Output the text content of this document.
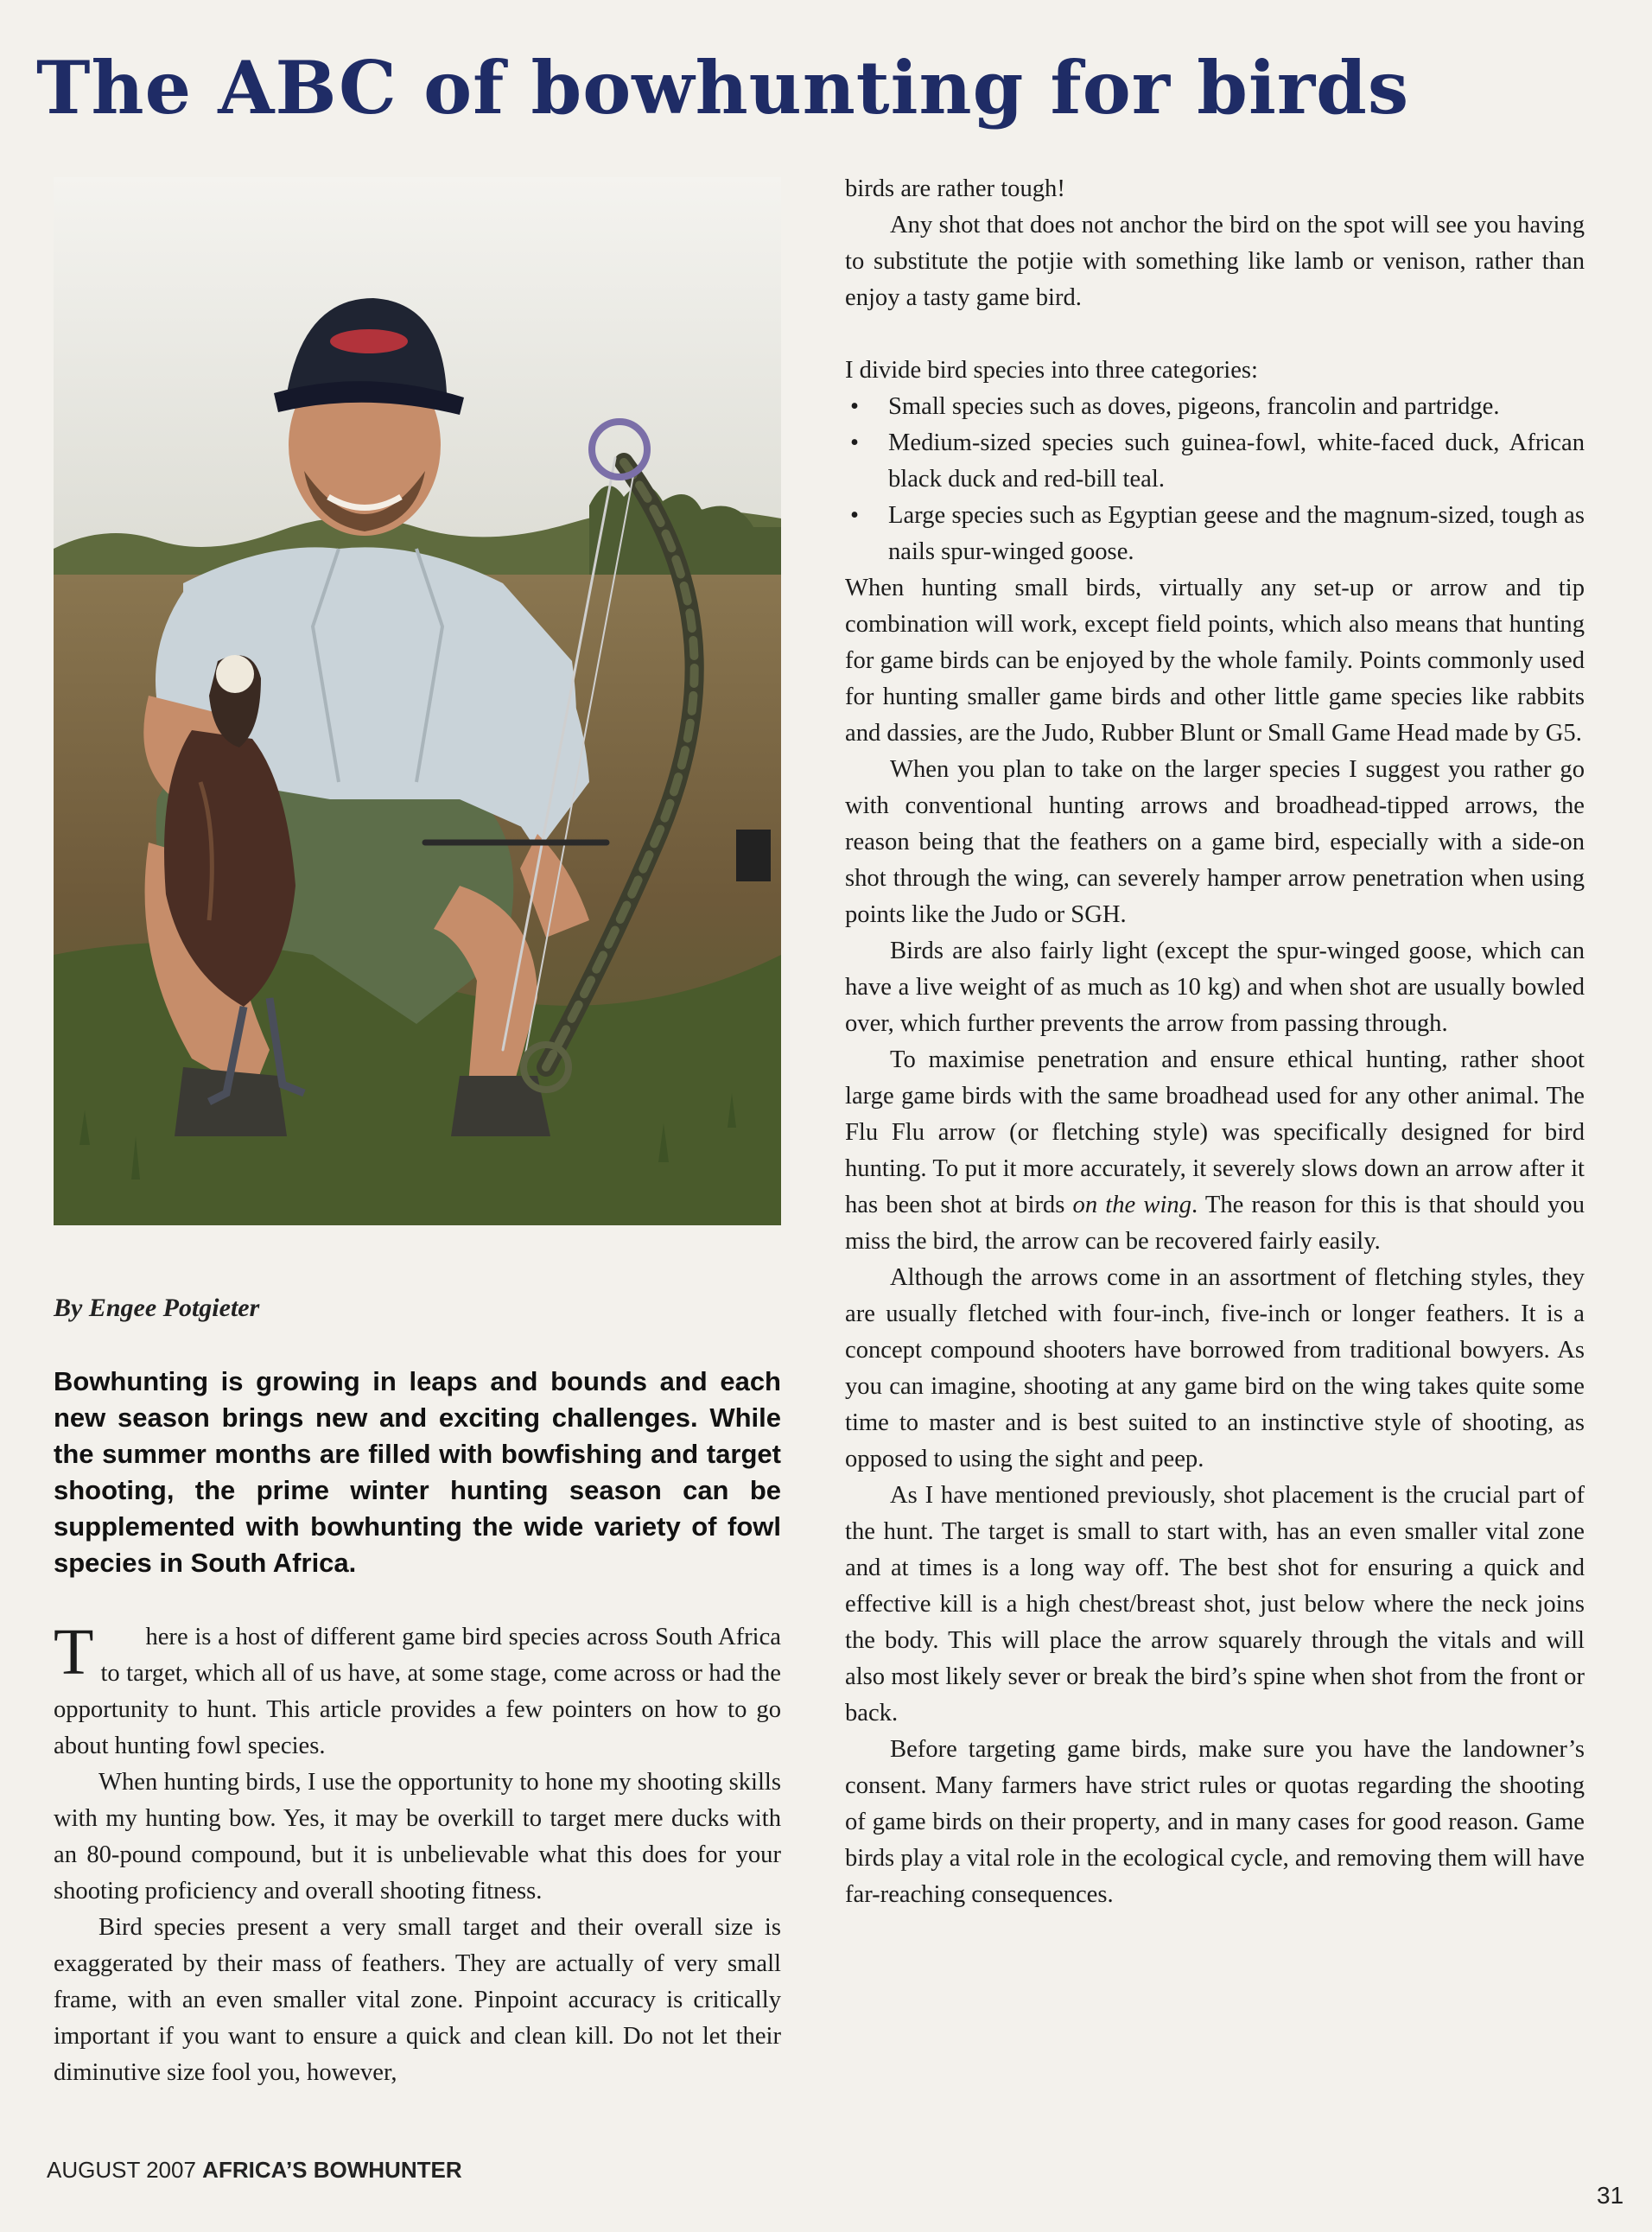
The ABC of bowhunting for birds

By Engee Potgieter

Bowhunting is growing in leaps and bounds and each new season brings new and exciting challenges. While the summer months are filled with bowfishing and target shooting, the prime winter hunting season can be supplemented with bowhunting the wide variety of fowl species in South Africa.

T here is a host of different game bird species across South Africa to target, which all of us have, at some stage, come across or had the opportunity to hunt. This article provides a few pointers on how to go about hunting fowl species.

When hunting birds, I use the opportunity to hone my shooting skills with my hunting bow. Yes, it may be overkill to target mere ducks with an 80-pound compound, but it is unbelievable what this does for your shooting proficiency and overall shooting fitness.

Bird species present a very small target and their overall size is exaggerated by their mass of feathers. They are actually of very small frame, with an even smaller vital zone. Pinpoint accuracy is critically important if you want to ensure a quick and clean kill. Do not let their diminutive size fool you, however,

birds are rather tough!

Any shot that does not anchor the bird on the spot will see you having to substitute the potjie with something like lamb or venison, rather than enjoy a tasty game bird.

I divide bird species into three categories:

• Small species such as doves, pigeons, francolin and partridge.
• Medium-sized species such guinea-fowl, white-faced duck, African black duck and red-bill teal.
• Large species such as Egyptian geese and the magnum-sized, tough as nails spur-winged goose.

When hunting small birds, virtually any set-up or arrow and tip combination will work, except field points, which also means that hunting for game birds can be enjoyed by the whole family. Points commonly used for hunting smaller game birds and other little game species like rabbits and dassies, are the Judo, Rubber Blunt or Small Game Head made by G5.

When you plan to take on the larger species I suggest you rather go with conventional hunting arrows and broadhead-tipped arrows, the reason being that the feathers on a game bird, especially with a side-on shot through the wing, can severely hamper arrow penetration when using points like the Judo or SGH.

Birds are also fairly light (except the spur-winged goose, which can have a live weight of as much as 10 kg) and when shot are usually bowled over, which further prevents the arrow from passing through.

To maximise penetration and ensure ethical hunting, rather shoot large game birds with the same broadhead used for any other animal. The Flu Flu arrow (or fletching style) was specifically designed for bird hunting. To put it more accurately, it severely slows down an arrow after it has been shot at birds on the wing. The reason for this is that should you miss the bird, the arrow can be recovered fairly easily.

Although the arrows come in an assortment of fletching styles, they are usually fletched with four-inch, five-inch or longer feathers. It is a concept compound shooters have borrowed from traditional bowyers. As you can imagine, shooting at any game bird on the wing takes quite some time to master and is best suited to an instinctive style of shooting, as opposed to using the sight and peep.

As I have mentioned previously, shot placement is the crucial part of the hunt. The target is small to start with, has an even smaller vital zone and at times is a long way off. The best shot for ensuring a quick and effective kill is a high chest/breast shot, just below where the neck joins the body. This will place the arrow squarely through the vitals and will also most likely sever or break the bird’s spine when shot from the front or back.

Before targeting game birds, make sure you have the landowner’s consent. Many farmers have strict rules or quotas regarding the shooting of game birds on their property, and in many cases for good reason. Game birds play a vital role in the ecological cycle, and removing them will have far-reaching consequences.

AUGUST 2007 AFRICA’S BOWHUNTER

31
